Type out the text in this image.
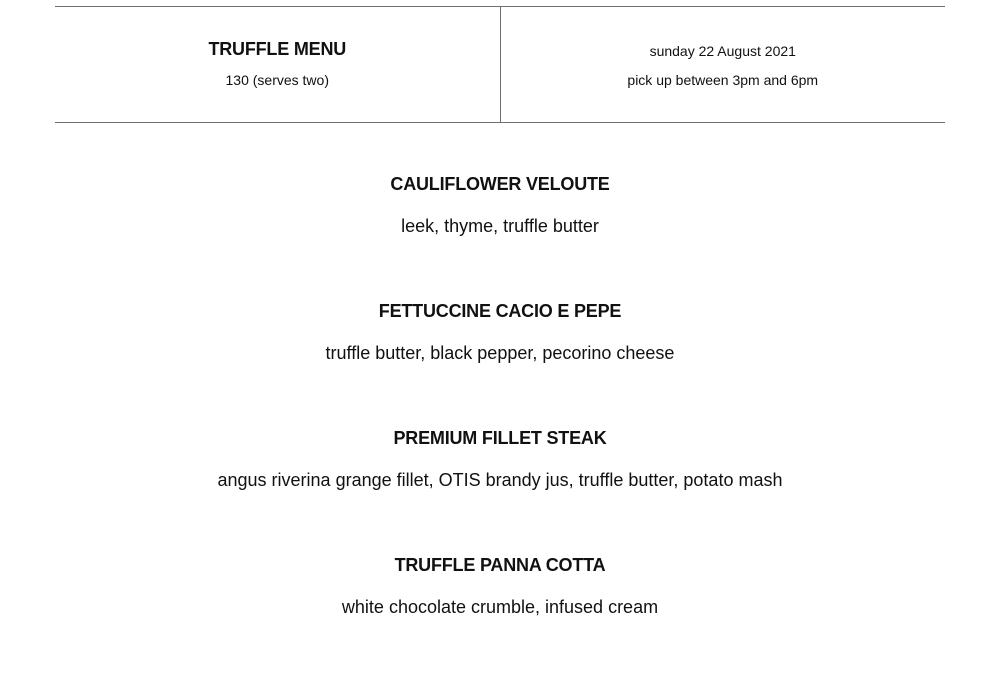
TRUFFLE MENU
130 (serves two)
sunday 22 August 2021
pick up between 3pm and 6pm
CAULIFLOWER VELOUTE
leek, thyme, truffle butter
FETTUCCINE CACIO E PEPE
truffle butter, black pepper, pecorino cheese
PREMIUM FILLET STEAK
angus riverina grange fillet, OTIS brandy jus, truffle butter, potato mash
TRUFFLE PANNA COTTA
white chocolate crumble, infused cream
